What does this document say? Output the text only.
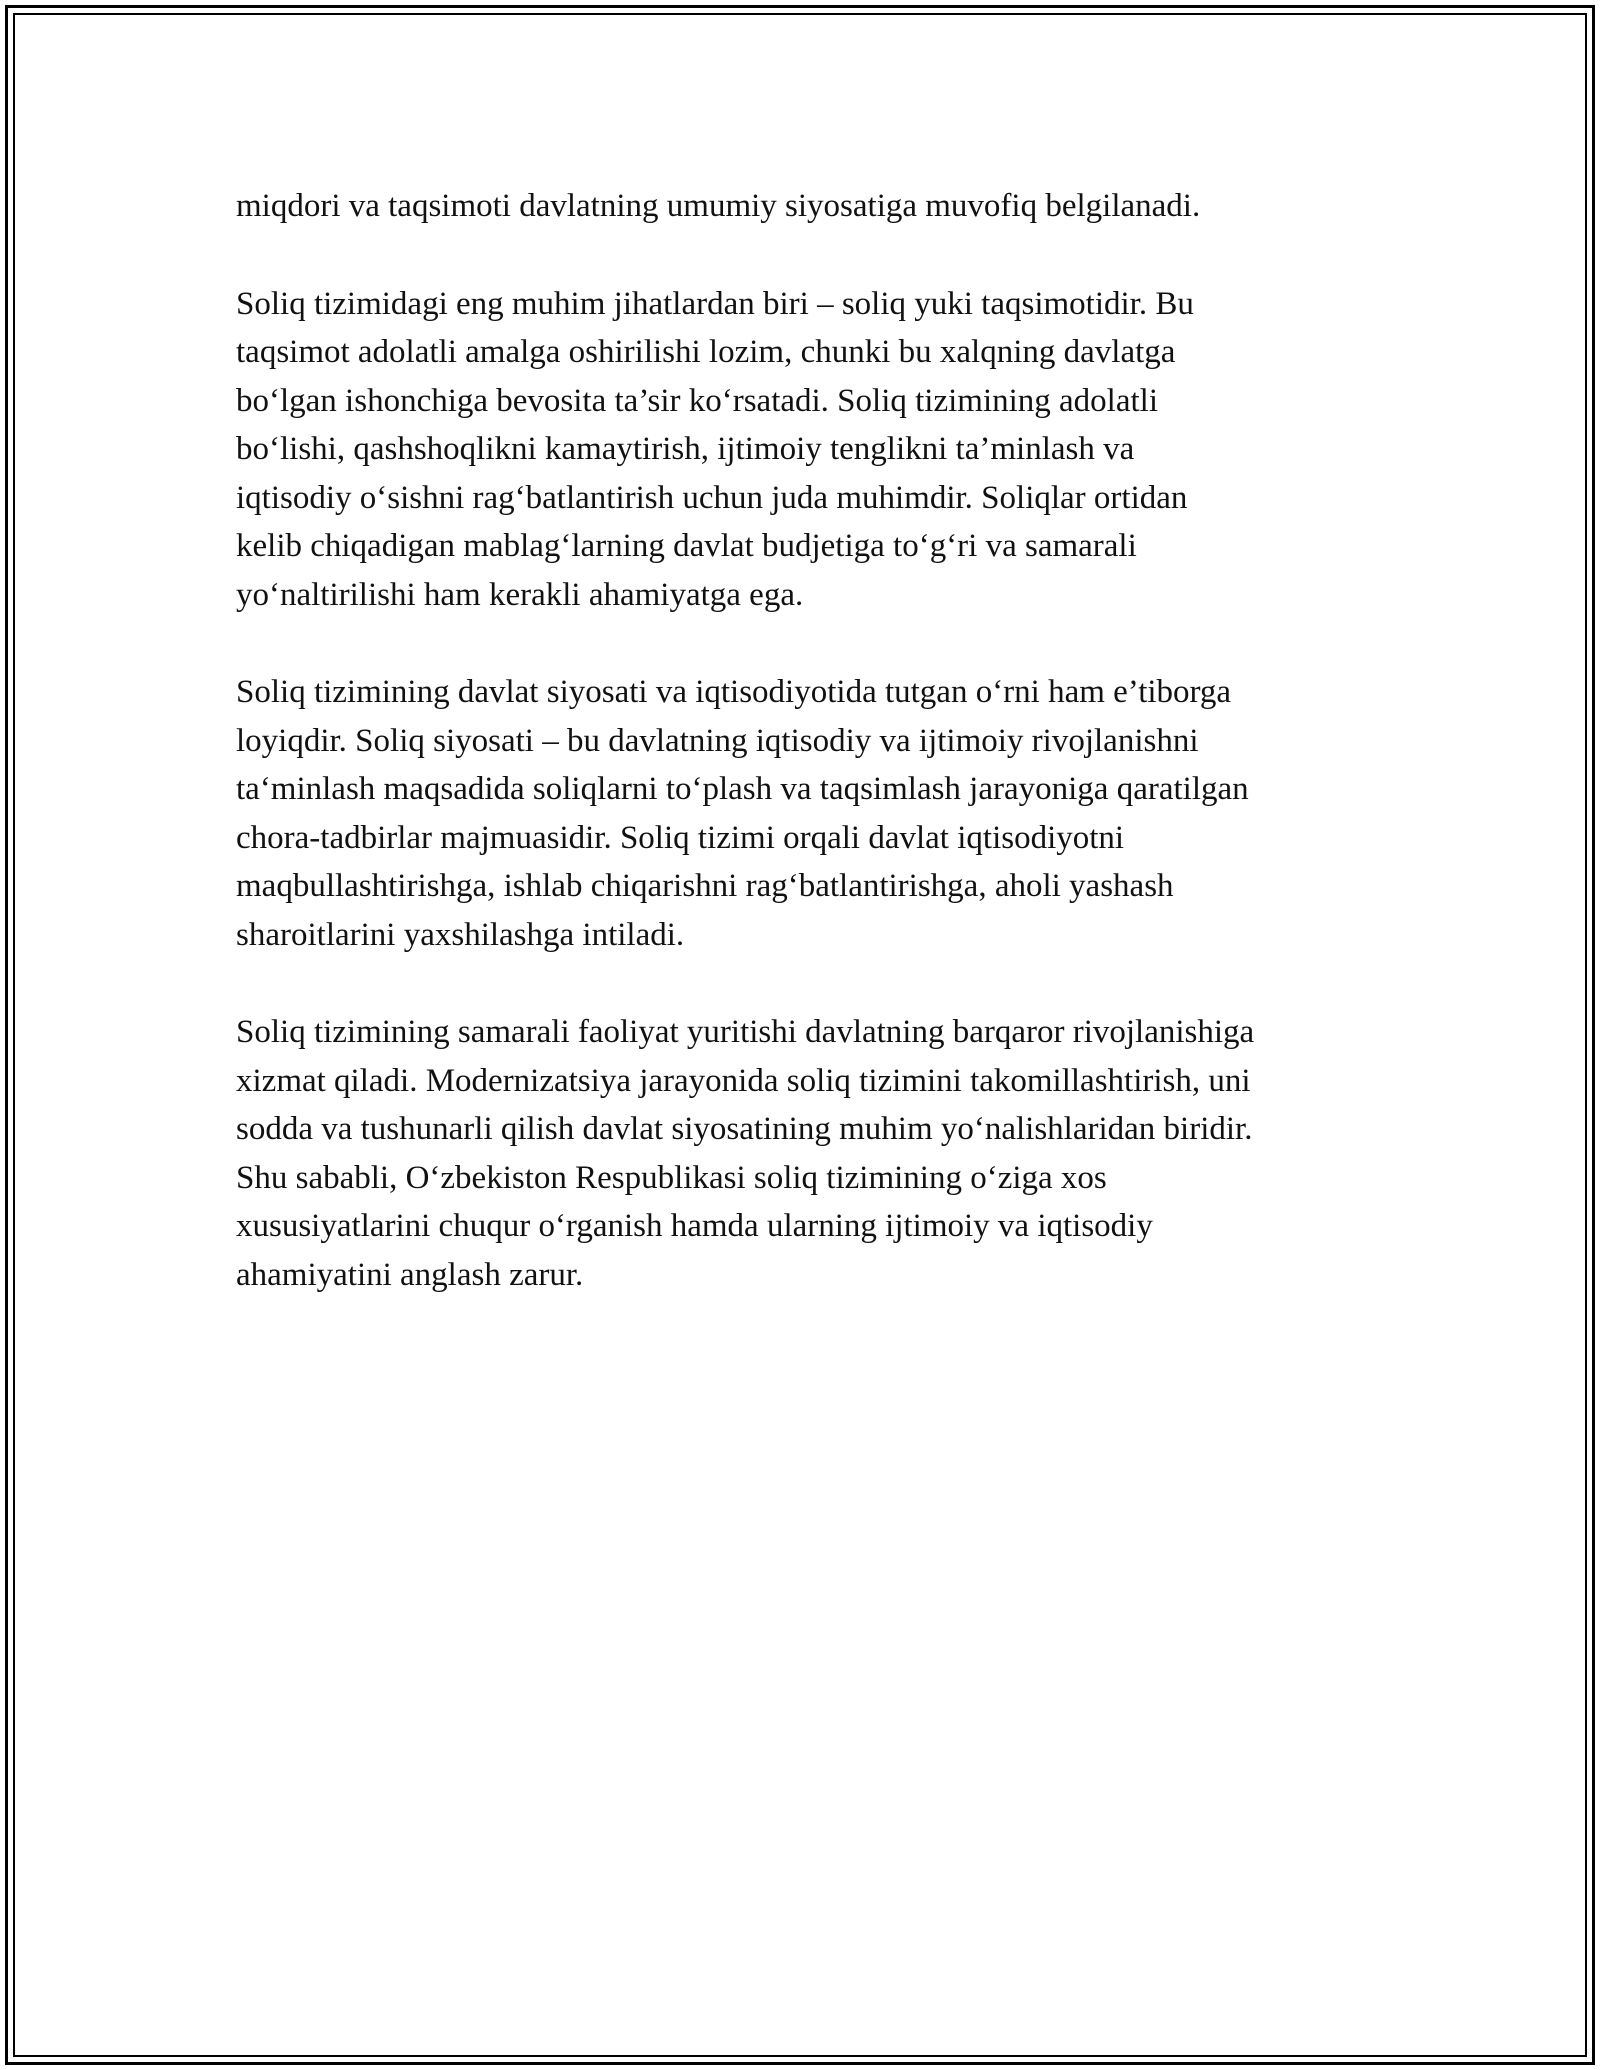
miqdori va taqsimoti davlatning umumiy siyosatiga muvofiq belgilanadi.

Soliq tizimidagi eng muhim jihatlardan biri – soliq yuki taqsimotidir. Bu
taqsimot adolatli amalga oshirilishi lozim, chunki bu xalqning davlatga
bo‘lgan ishonchiga bevosita ta’sir ko‘rsatadi. Soliq tizimining adolatli
bo‘lishi, qashshoqlikni kamaytirish, ijtimoiy tenglikni ta’minlash va
iqtisodiy o‘sishni rag‘batlantirish uchun juda muhimdir. Soliqlar ortidan
kelib chiqadigan mablag‘larning davlat budjetiga to‘g‘ri va samarali
yo‘naltirilishi ham kerakli ahamiyatga ega.

Soliq tizimining davlat siyosati va iqtisodiyotida tutgan o‘rni ham e’tiborga
loyiqdir. Soliq siyosati – bu davlatning iqtisodiy va ijtimoiy rivojlanishni
ta‘minlash maqsadida soliqlarni to‘plash va taqsimlash jarayoniga qaratilgan
chora-tadbirlar majmuasidir. Soliq tizimi orqali davlat iqtisodiyotni
maqbullashtirishga, ishlab chiqarishni rag‘batlantirishga, aholi yashash
sharoitlarini yaxshilashga intiladi.

Soliq tizimining samarali faoliyat yuritishi davlatning barqaror rivojlanishiga
xizmat qiladi. Modernizatsiya jarayonida soliq tizimini takomillashtirish, uni
sodda va tushunarli qilish davlat siyosatining muhim yo‘nalishlaridan biridir.
Shu sababli, O‘zbekiston Respublikasi soliq tizimining o‘ziga xos
xususiyatlarini chuqur o‘rganish hamda ularning ijtimoiy va iqtisodiy
ahamiyatini anglash zarur.
